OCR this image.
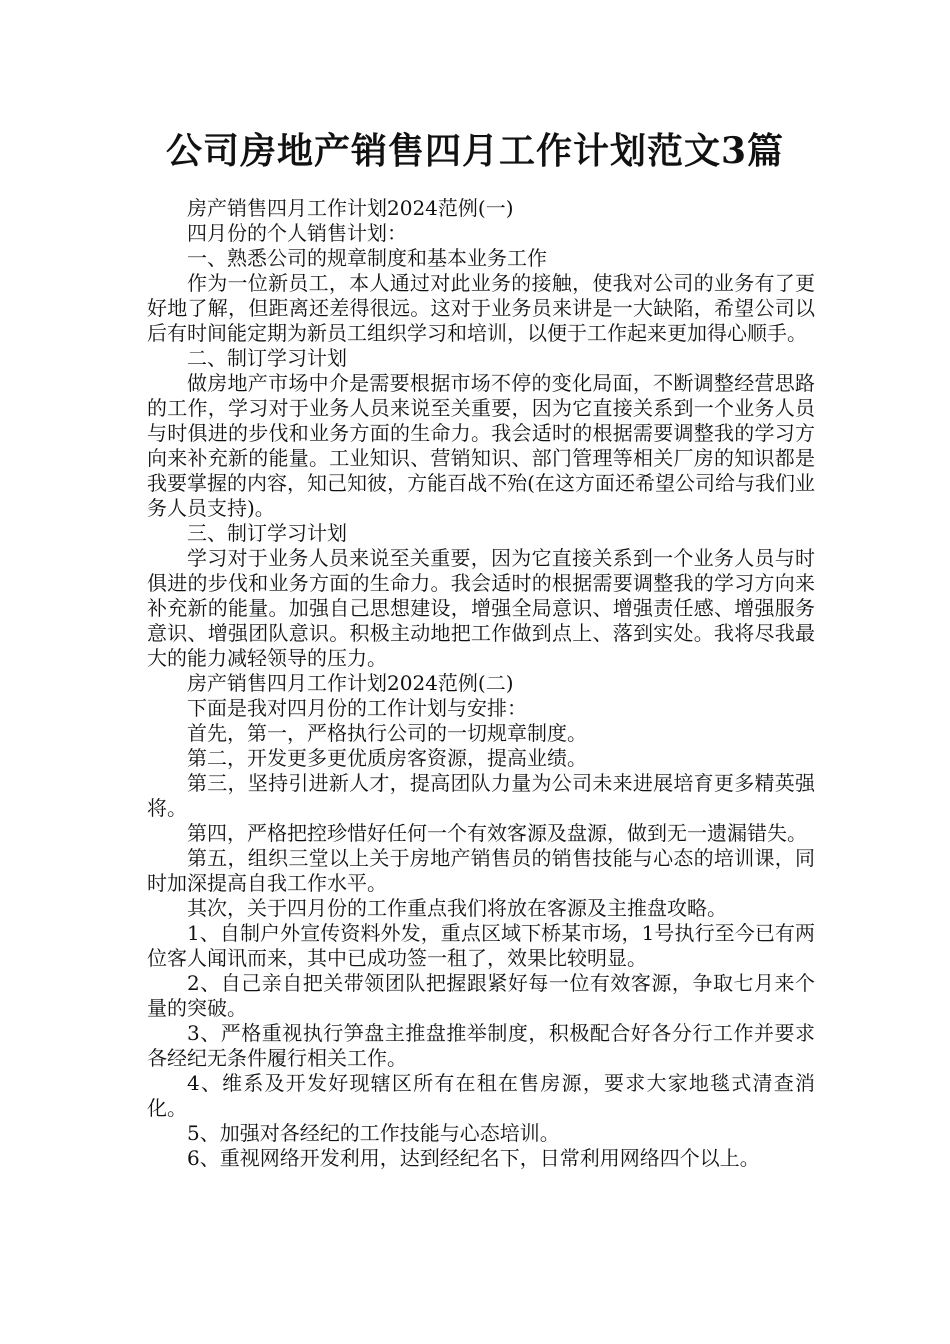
公司房地产销售四月工作计划范文3篇

房产销售四月工作计划2024范例(一)

四月份的个人销售计划：

一、熟悉公司的规章制度和基本业务工作

作为一位新员工，本人通过对此业务的接触，使我对公司的业务有了更好地了解，但距离还差得很远。这对于业务员来讲是一大缺陷，希望公司以后有时间能定期为新员工组织学习和培训，以便于工作起来更加得心顺手。

二、制订学习计划

做房地产市场中介是需要根据市场不停的变化局面，不断调整经营思路的工作，学习对于业务人员来说至关重要，因为它直接关系到一个业务人员与时俱进的步伐和业务方面的生命力。我会适时的根据需要调整我的学习方向来补充新的能量。工业知识、营销知识、部门管理等相关厂房的知识都是我要掌握的内容，知己知彼，方能百战不殆(在这方面还希望公司给与我们业务人员支持)。

三、制订学习计划

学习对于业务人员来说至关重要，因为它直接关系到一个业务人员与时俱进的步伐和业务方面的生命力。我会适时的根据需要调整我的学习方向来补充新的能量。加强自己思想建设，增强全局意识、增强责任感、增强服务意识、增强团队意识。积极主动地把工作做到点上、落到实处。我将尽我最大的能力减轻领导的压力。

房产销售四月工作计划2024范例(二)

下面是我对四月份的工作计划与安排：

首先，第一，严格执行公司的一切规章制度。

第二，开发更多更优质房客资源，提高业绩。

第三，坚持引进新人才，提高团队力量为公司未来进展培育更多精英强将。

第四，严格把控珍惜好任何一个有效客源及盘源，做到无一遗漏错失。

第五，组织三堂以上关于房地产销售员的销售技能与心态的培训课，同时加深提高自我工作水平。

其次，关于四月份的工作重点我们将放在客源及主推盘攻略。

1、自制户外宣传资料外发，重点区域下桥某市场，1号执行至今已有两位客人闻讯而来，其中已成功签一租了，效果比较明显。

2、自己亲自把关带领团队把握跟紧好每一位有效客源，争取七月来个量的突破。

3、严格重视执行笋盘主推盘推举制度，积极配合好各分行工作并要求各经纪无条件履行相关工作。

4、维系及开发好现辖区所有在租在售房源，要求大家地毯式清查消化。

5、加强对各经纪的工作技能与心态培训。

6、重视网络开发利用，达到经纪名下，日常利用网络四个以上。
